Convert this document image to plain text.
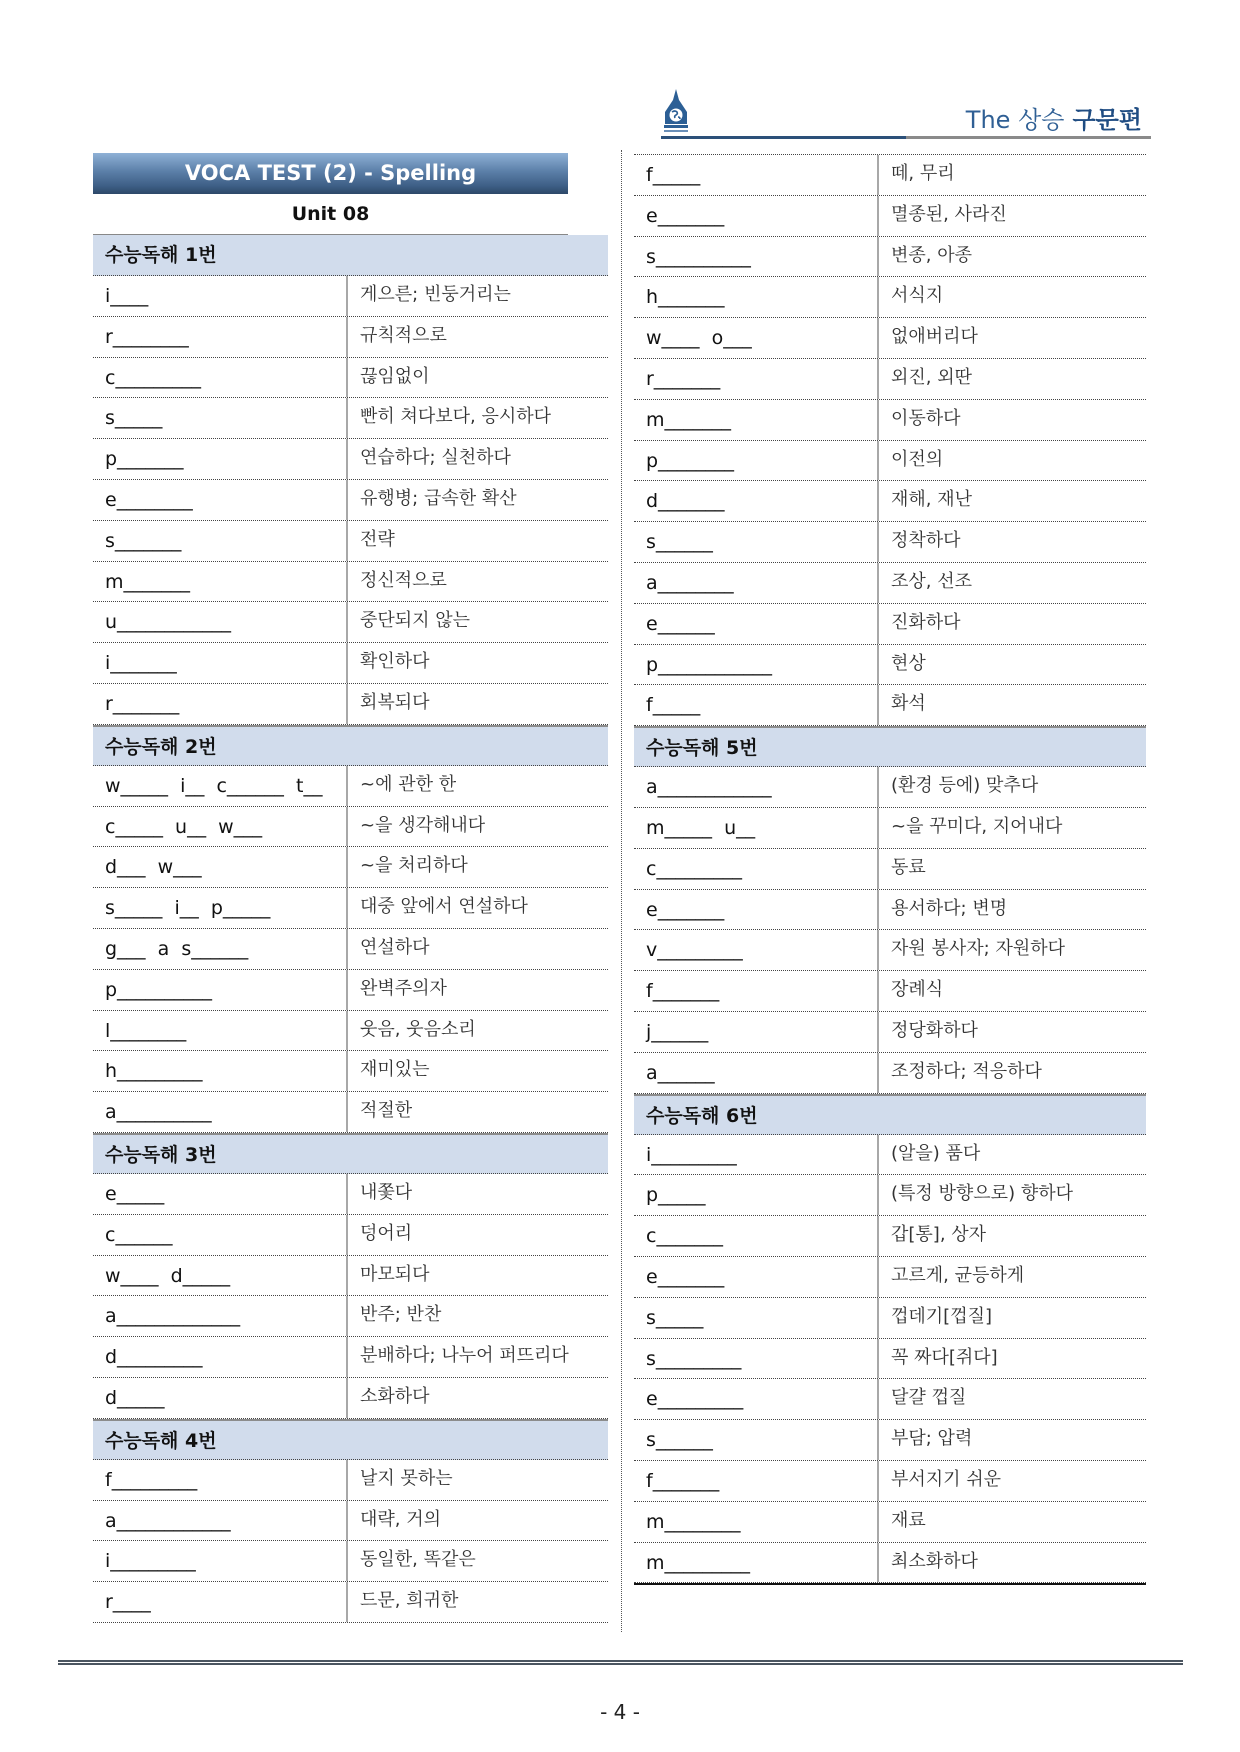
The 상승 구문편
VOCA TEST (2) - Spelling
Unit 08
수능독해 1번
i____	게으른; 빈둥거리는
r________	규칙적으로
c_________	끊임없이
s_____	빤히 쳐다보다, 응시하다
p_______	연습하다; 실천하다
e________	유행병; 급속한 확산
s_______	전략
m_______	정신적으로
u____________	중단되지 않는
i_______	확인하다
r_______	회복되다
수능독해 2번
w_____  i__  c______  t__	~에 관한 한
c_____  u__  w___	~을 생각해내다
d___  w___	~을 처리하다
s_____  i__  p_____	대중 앞에서 연설하다
g___  a  s______	연설하다
p__________	완벽주의자
l________	웃음, 웃음소리
h_________	재미있는
a__________	적절한
수능독해 3번
e_____	내쫓다
c______	덩어리
w____  d_____	마모되다
a_____________	반주; 반찬
d_________	분배하다; 나누어 퍼뜨리다
d_____	소화하다
수능독해 4번
f_________	날지 못하는
a____________	대략, 거의
i_________	동일한, 똑같은
r____	드문, 희귀한
f_____	떼, 무리
e_______	멸종된, 사라진
s__________	변종, 아종
h_______	서식지
w____  o___	없애버리다
r_______	외진, 외딴
m_______	이동하다
p________	이전의
d_______	재해, 재난
s______	정착하다
a________	조상, 선조
e______	진화하다
p____________	현상
f_____	화석
수능독해 5번
a____________	(환경 등에) 맞추다
m_____  u__	~을 꾸미다, 지어내다
c_________	동료
e_______	용서하다; 변명
v_________	자원 봉사자; 자원하다
f_______	장례식
j______	정당화하다
a______	조정하다; 적응하다
수능독해 6번
i_________	(알을) 품다
p_____	(특정 방향으로) 향하다
c_______	갑[통], 상자
e_______	고르게, 균등하게
s_____	껍데기[껍질]
s_________	꼭 짜다[쥐다]
e_________	달걀 껍질
s______	부담; 압력
f_______	부서지기 쉬운
m________	재료
m_________	최소화하다
- 4 -
